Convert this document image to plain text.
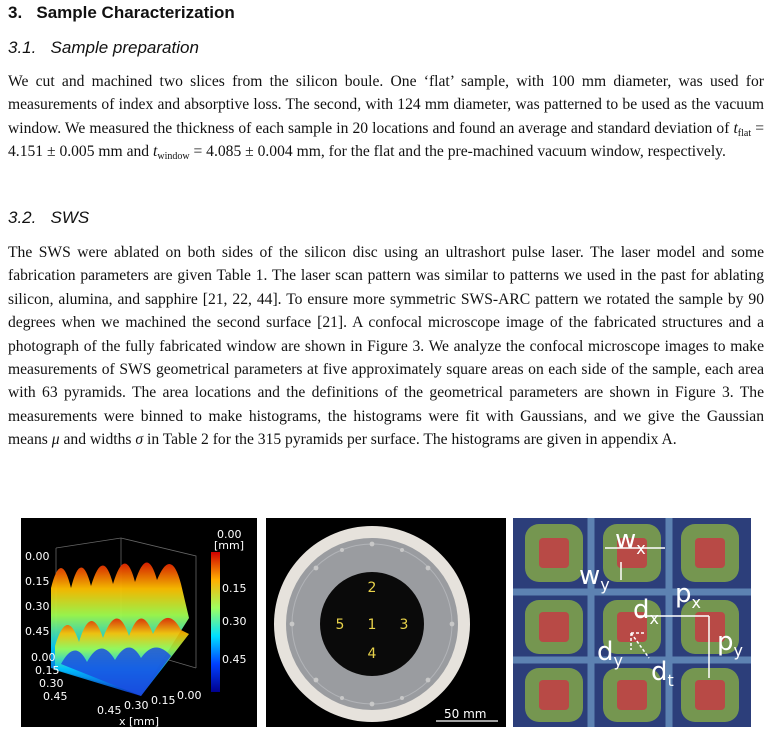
3. Sample Characterization
3.1. Sample preparation

We cut and machined two slices from the silicon boule. One ‘flat’ sample, with 100 mm diameter, was used for measurements of index and absorptive loss. The second, with 124 mm diameter, was patterned to be used as the vacuum window. We measured the thickness of each sample in 20 locations and found an average and standard deviation of $t_{flat} = 4.151 \pm 0.005$ mm and $t_{window} = 4.085 \pm 0.004$ mm, for the flat and the pre-machined vacuum window, respectively.

3.2. SWS

The SWS were ablated on both sides of the silicon disc using an ultrashort pulse laser. The laser model and some fabrication parameters are given Table 1. The laser scan pattern was similar to patterns we used in the past for ablating silicon, alumina, and sapphire [21, 22, 44]. To ensure more symmetric SWS-ARC pattern we rotated the sample by 90 degrees when we machined the second surface [21]. A confocal microscope image of the fabricated structures and a photograph of the fully fabricated window are shown in Figure 3. We analyze the confocal microscope images to make measurements of SWS geometrical parameters at five approximately square areas on each side of the sample, each area with 63 pyramids. The area locations and the definitions of the geometrical parameters are shown in Figure 3. The measurements were binned to make histograms, the histograms were fit with Gaussians, and we give the Gaussian means μ and widths σ in Table 2 for the 315 pyramids per surface. The histograms are given in appendix A.

0.00
[mm]
0.15
0.30
0.45
0.00
0.15
0.30
0.45
0.00
0.15
0.30
0.45
0.45 0.30 0.15 0.00
x [mm]
1
2
3
4
5
50 mm
$w_x$
$w_y$	$p_x$
$p_y$
$d_x$
$d_y$ $d_t$
